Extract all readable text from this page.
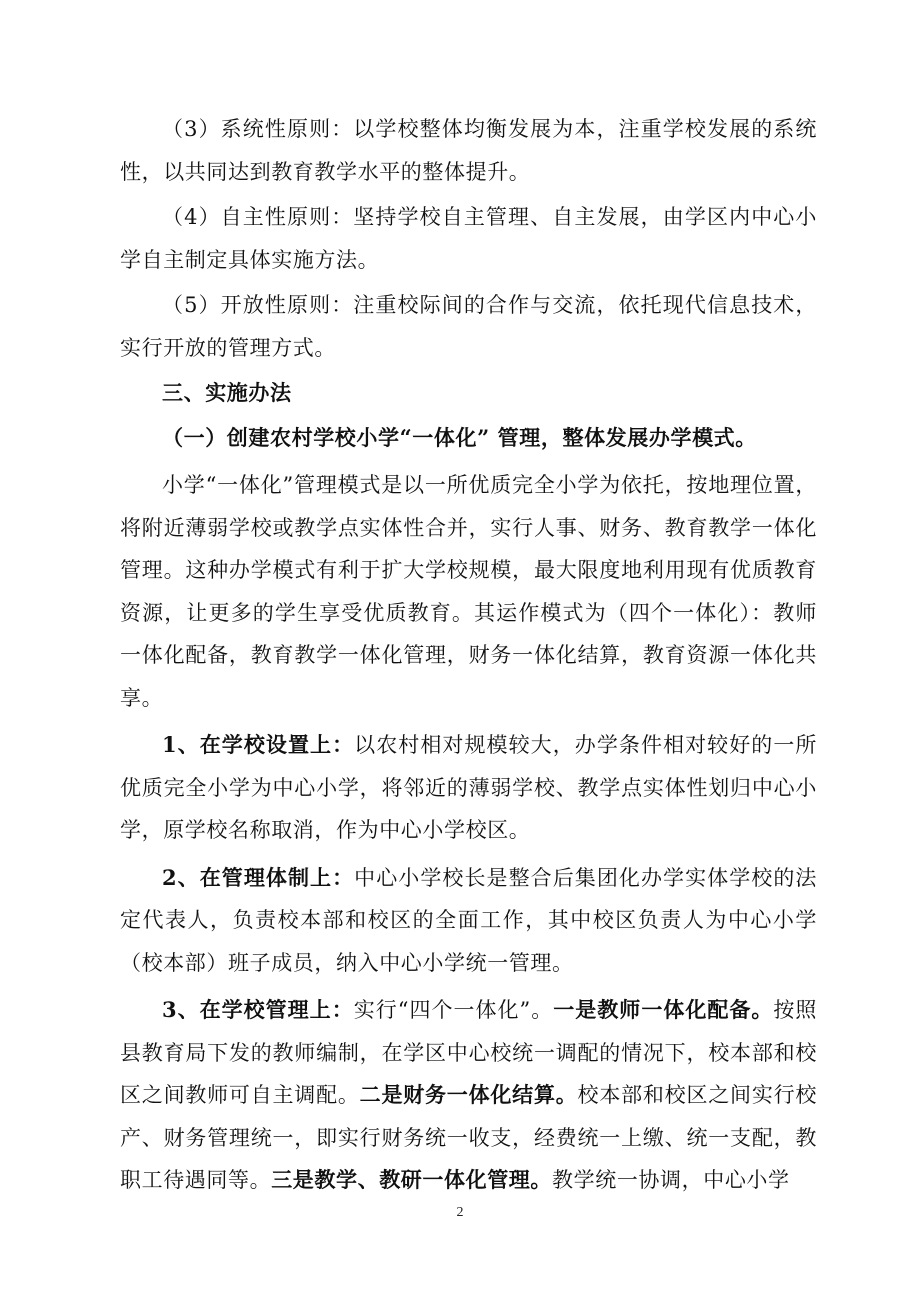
（3）系统性原则：以学校整体均衡发展为本，注重学校发展的系统性，以共同达到教育教学水平的整体提升。

（4）自主性原则：坚持学校自主管理、自主发展，由学区内中心小学自主制定具体实施方法。

（5）开放性原则：注重校际间的合作与交流，依托现代信息技术，实行开放的管理方式。

三、实施办法

（一）创建农村学校小学“一体化” 管理，整体发展办学模式。

小学“一体化”管理模式是以一所优质完全小学为依托，按地理位置，将附近薄弱学校或教学点实体性合并，实行人事、财务、教育教学一体化管理。这种办学模式有利于扩大学校规模，最大限度地利用现有优质教育资源，让更多的学生享受优质教育。其运作模式为（四个一体化）：教师一体化配备，教育教学一体化管理，财务一体化结算，教育资源一体化共享。

1、在学校设置上：以农村相对规模较大，办学条件相对较好的一所优质完全小学为中心小学，将邻近的薄弱学校、教学点实体性划归中心小学，原学校名称取消，作为中心小学校区。

2、在管理体制上：中心小学校长是整合后集团化办学实体学校的法定代表人，负责校本部和校区的全面工作，其中校区负责人为中心小学（校本部）班子成员，纳入中心小学统一管理。

3、在学校管理上：实行“四个一体化”。一是教师一体化配备。按照县教育局下发的教师编制，在学区中心校统一调配的情况下，校本部和校区之间教师可自主调配。二是财务一体化结算。校本部和校区之间实行校产、财务管理统一，即实行财务统一收支，经费统一上缴、统一支配，教职工待遇同等。三是教学、教研一体化管理。教学统一协调，中心小学

2
